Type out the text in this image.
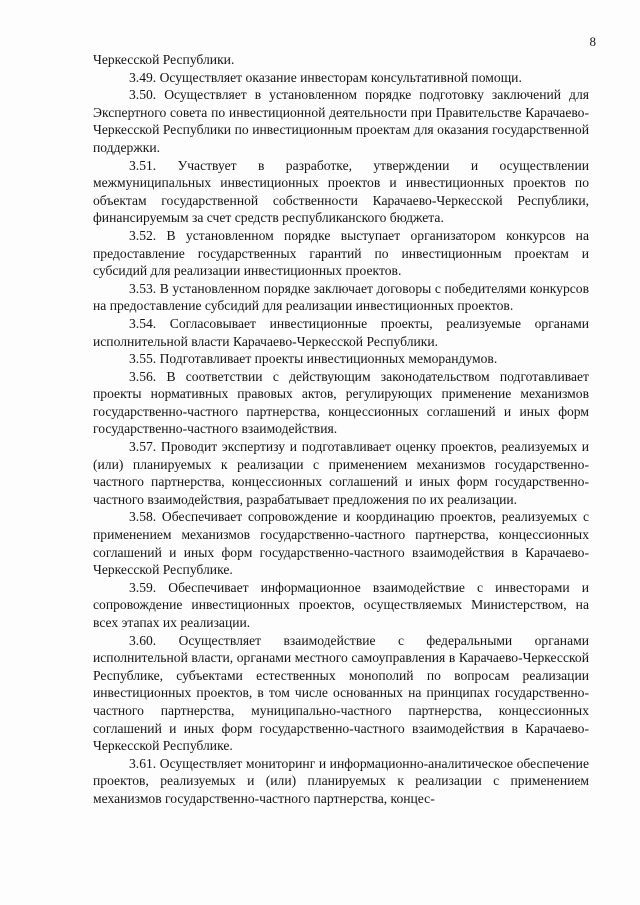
8

Черкесской Республики.

3.49. Осуществляет оказание инвесторам консультативной помощи.

3.50. Осуществляет в установленном порядке подготовку заключений для Экспертного совета по инвестиционной деятельности при Правительстве Карачаево-Черкесской Республики по инвестиционным проектам для оказания государственной поддержки.

3.51. Участвует в разработке, утверждении и осуществлении межмуниципальных инвестиционных проектов и инвестиционных проектов по объектам государственной собственности Карачаево-Черкесской Республики, финансируемым за счет средств республиканского бюджета.

3.52. В установленном порядке выступает организатором конкурсов на предоставление государственных гарантий по инвестиционным проектам и субсидий для реализации инвестиционных проектов.

3.53. В установленном порядке заключает договоры с победителями конкурсов на предоставление субсидий для реализации инвестиционных проектов.

3.54. Согласовывает инвестиционные проекты, реализуемые органами исполнительной власти Карачаево-Черкесской Республики.

3.55. Подготавливает проекты инвестиционных меморандумов.

3.56. В соответствии с действующим законодательством подготавливает проекты нормативных правовых актов, регулирующих применение механизмов государственно-частного партнерства, концессионных соглашений и иных форм государственно-частного взаимодействия.

3.57. Проводит экспертизу и подготавливает оценку проектов, реализуемых и (или) планируемых к реализации с применением механизмов государственно-частного партнерства, концессионных соглашений и иных форм государственно-частного взаимодействия, разрабатывает предложения по их реализации.

3.58. Обеспечивает сопровождение и координацию проектов, реализуемых с применением механизмов государственно-частного партнерства, концессионных соглашений и иных форм государственно-частного взаимодействия в Карачаево-Черкесской Республике.

3.59. Обеспечивает информационное взаимодействие с инвесторами и сопровождение инвестиционных проектов, осуществляемых Министерством, на всех этапах их реализации.

3.60. Осуществляет взаимодействие с федеральными органами исполнительной власти, органами местного самоуправления в Карачаево-Черкесской Республике, субъектами естественных монополий по вопросам реализации инвестиционных проектов, в том числе основанных на принципах государственно-частного партнерства, муниципально-частного партнерства, концессионных соглашений и иных форм государственно-частного взаимодействия в Карачаево-Черкесской Республике.

3.61. Осуществляет мониторинг и информационно-аналитическое обеспечение проектов, реализуемых и (или) планируемых к реализации с применением механизмов государственно-частного партнерства, концес-
